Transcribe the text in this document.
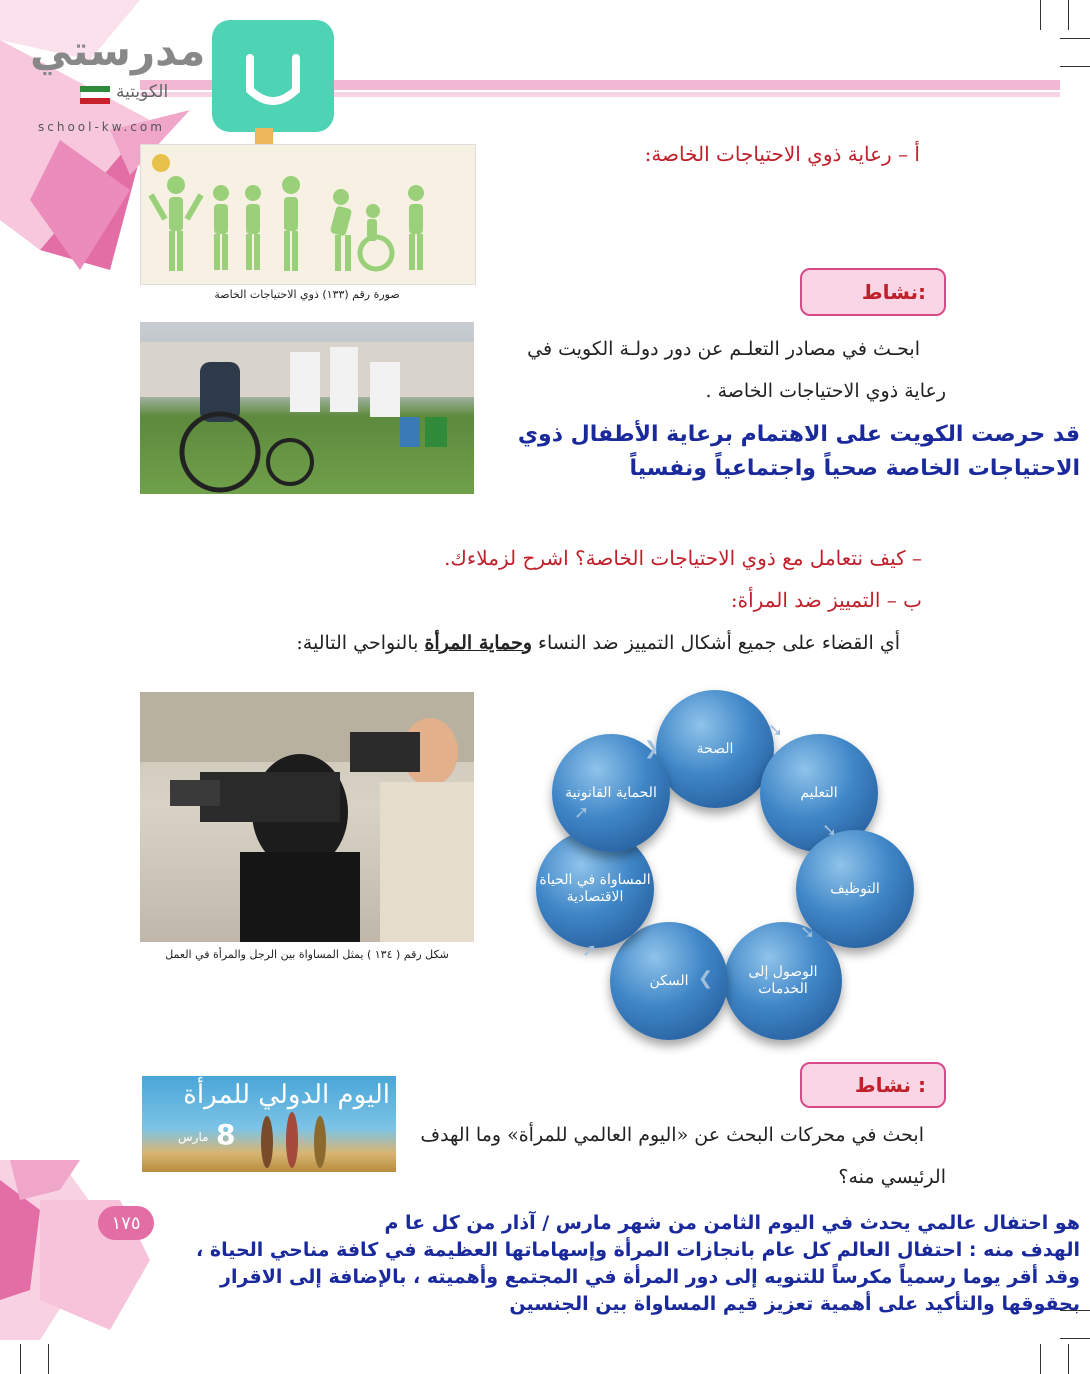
مدرستي
الكويتية
school-kw.com
أ – رعاية ذوي الاحتياجات الخاصة:
صورة رقم (١٣٣) ذوي الاحتياجات الخاصة	نشاط:
ابحـث في مصادر التعلـم عن دور دولـة الكويت في
رعاية ذوي الاحتياجات الخاصة .
قد حرصت الكويت على الاهتمام برعاية الأطفال ذوي
الاحتياجات الخاصة صحياً واجتماعياً ونفسياً
– كيف نتعامل مع ذوي الاحتياجات الخاصة؟ اشرح لزملاءك.
ب – التمييز ضد المرأة:
أي القضاء على جميع أشكال التمييز ضد النساء وحماية المرأة بالنواحي التالية:
شكل رقم ( ١٣٤ ) يمثل المساواة بين الرجل والمرأة في العمل
الصحة
التعليم
التوظيف
الوصول إلى الخدمات
السكن
المساواة في الحياة الاقتصادية
الحماية القانونية
➘
➘
➘
❮
➚
➚
❯
نشاط :
اليوم الدولي للمرأة
8
مارس	ابحث في محركات البحث عن «اليوم العالمي للمرأة» وما الهدف
الرئيسي منه؟
هو احتفال عالمي يحدث في اليوم الثامن من شهر مارس / آذار من كل عا م
الهدف منه : احتفال العالم كل عام بانجازات المرأة وإسهاماتها العظيمة في كافة مناحي الحياة ،
وقد أقر يوما رسمياً مكرساً للتنويه إلى دور المرأة في المجتمع وأهميته ، بالإضافة إلى الاقرار
بحقوقها والتأكيد على أهمية تعزيز قيم المساواة بين الجنسين
١٧٥
